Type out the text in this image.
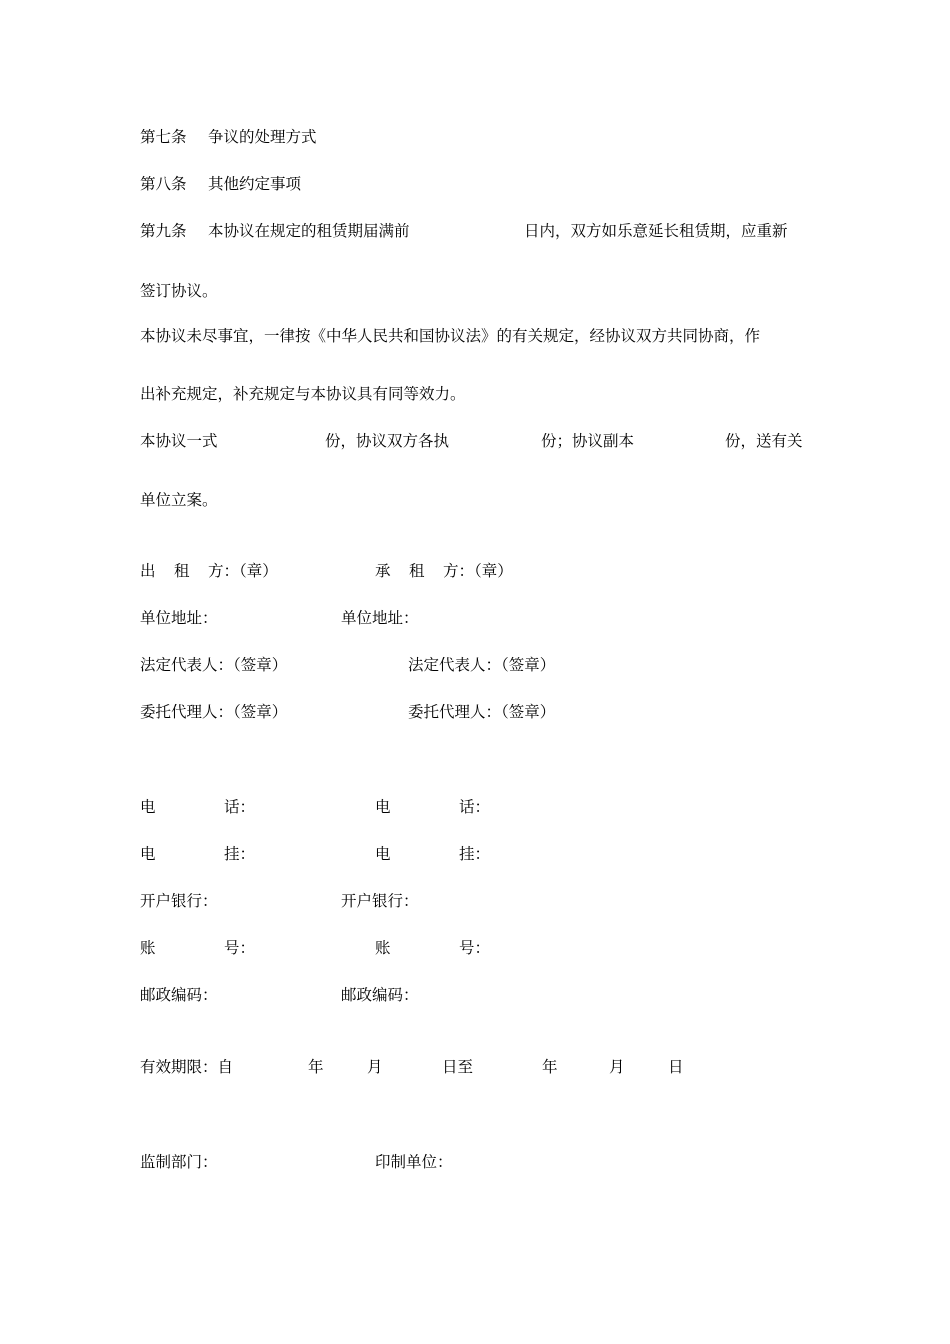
第七条 争议的处理方式
第八条 其他约定事项
第九条 本协议在规定的租赁期届满前	日内，双方如乐意延长租赁期，应重新
签订协议。
本协议未尽事宜，一律按《中华人民共和国协议法》的有关规定，经协议双方共同协商，作
出补充规定，补充规定与本协议具有同等效力。
本协议一式	份，协议双方各执	份；协议副本	份，送有关
单位立案。
出 租 方：（章）	承 租 方：（章）
单位地址：	单位地址：
法定代表人：（签章）	法定代表人：（签章）
委托代理人：（签章）	委托代理人：（签章）
电	话：	电	话：
电	挂：	电	挂：
开户银行：	开户银行：
账	号：	账	号：
邮政编码：	邮政编码：
有效期限：自	年	月	日至	年	月	日
监制部门：	印制单位：
